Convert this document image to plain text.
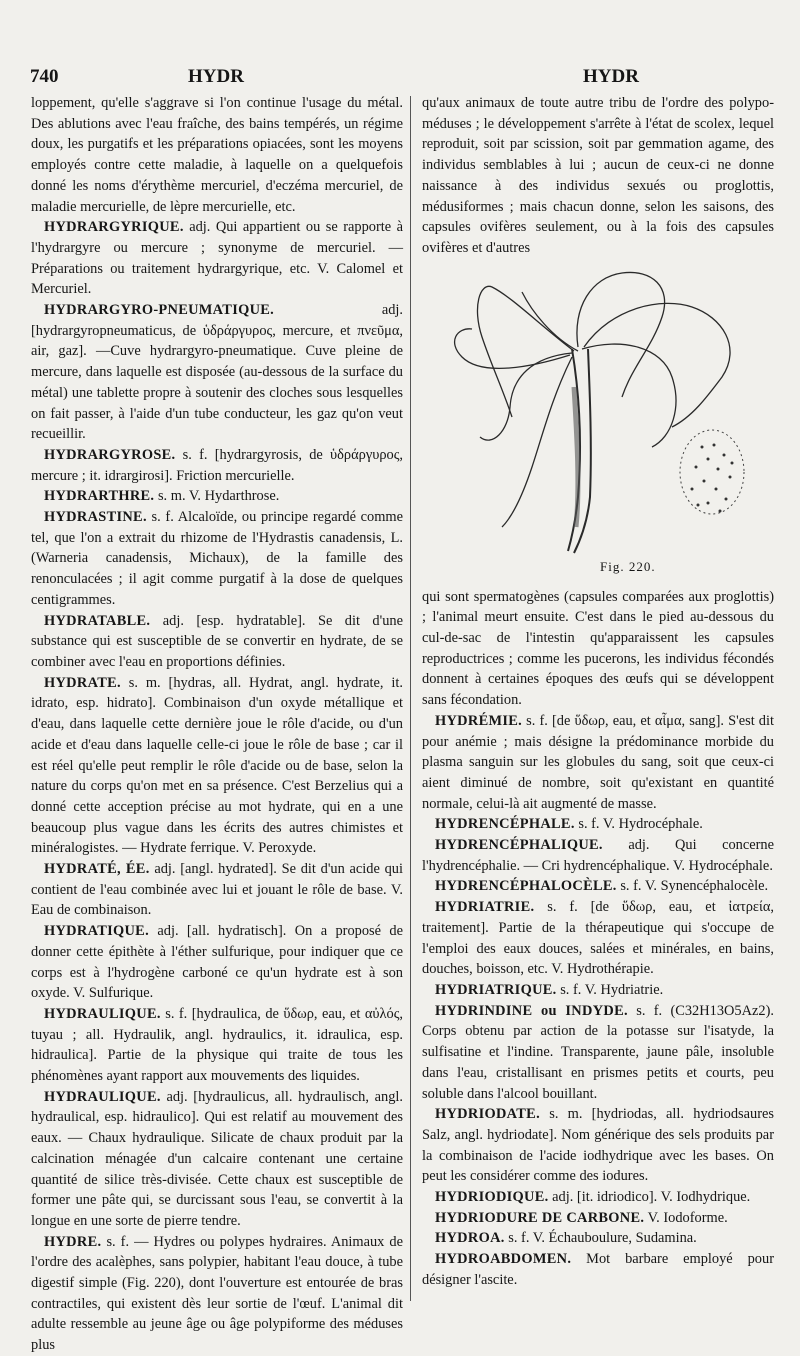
740	HYDR	HYDR

loppement, qu'elle s'aggrave si l'on continue l'usage du métal. Des ablutions avec l'eau fraîche, des bains tempérés, un régime doux, les purgatifs et les préparations opiacées, sont les moyens employés contre cette maladie, à laquelle on a quelquefois donné les noms d'érythème mercuriel, d'eczéma mercuriel, de maladie mercurielle, de lèpre mercurielle, etc.

HYDRARGYRIQUE. adj. Qui appartient ou se rapporte à l'hydrargyre ou mercure ; synonyme de mercuriel. — Préparations ou traitement hydrargyrique, etc. V. Calomel et Mercuriel.

HYDRARGYRO-PNEUMATIQUE.	adj. [hydrargyropneumaticus, de ὑδράργυρος, mercure, et πνεῦμα, air, gaz]. —Cuve hydrargyro-pneumatique. Cuve pleine de mercure, dans laquelle est disposée (au-dessous de la surface du métal) une tablette propre à soutenir des cloches sous lesquelles on fait passer, à l'aide d'un tube conducteur, les gaz qu'on veut recueillir.

HYDRARGYROSE. s. f. [hydrargyrosis, de ὑδράργυρος, mercure ; it. idrargirosi]. Friction mercurielle.

HYDRARTHRE. s. m. V. Hydarthrose.

HYDRASTINE. s. f. Alcaloïde, ou principe regardé comme tel, que l'on a extrait du rhizome de l'Hydrastis canadensis, L. (Warneria canadensis, Michaux), de la famille des renonculacées ; il agit comme purgatif à la dose de quelques centigrammes.

HYDRATABLE. adj. [esp. hydratable]. Se dit d'une substance qui est susceptible de se convertir en hydrate, de se combiner avec l'eau en proportions définies.

HYDRATE. s. m. [hydras, all. Hydrat, angl. hydrate, it. idrato, esp. hidrato]. Combinaison d'un oxyde métallique et d'eau, dans laquelle cette dernière joue le rôle d'acide, ou d'un acide et d'eau dans laquelle celle-ci joue le rôle de base ; car il est réel qu'elle peut remplir le rôle d'acide ou de base, selon la nature du corps qu'on met en sa présence. C'est Berzelius qui a donné cette acception précise au mot hydrate, qui en a une beaucoup plus vague dans les écrits des autres chimistes et minéralogistes. — Hydrate ferrique. V. Peroxyde.

HYDRATÉ, ÉE. adj. [angl. hydrated]. Se dit d'un acide qui contient de l'eau combinée avec lui et jouant le rôle de base. V. Eau de combinaison.

HYDRATIQUE. adj. [all. hydratisch]. On a proposé de donner cette épithète à l'éther sulfurique, pour indiquer que ce corps est à l'hydrogène carboné ce qu'un hydrate est à son oxyde. V. Sulfurique.

HYDRAULIQUE. s. f. [hydraulica, de ὕδωρ, eau, et αὐλός, tuyau ; all. Hydraulik, angl. hydraulics, it. idraulica, esp. hidraulica]. Partie de la physique qui traite de tous les phénomènes ayant rapport aux mouvements des liquides.

HYDRAULIQUE. adj. [hydraulicus, all. hydraulisch, angl. hydraulical, esp. hidraulico]. Qui est relatif au mouvement des eaux. — Chaux hydraulique. Silicate de chaux produit par la calcination ménagée d'un calcaire contenant une certaine quantité de silice très-divisée. Cette chaux est susceptible de former une pâte qui, se durcissant sous l'eau, se convertit à la longue en une sorte de pierre tendre.

HYDRE. s. f. — Hydres ou polypes hydraires. Animaux de l'ordre des acalèphes, sans polypier, habitant l'eau douce, à tube digestif simple (Fig. 220), dont l'ouverture est entourée de bras contractiles, qui existent dès leur sortie de l'œuf. L'animal dit adulte ressemble au jeune âge ou âge polypiforme des méduses plus

qu'aux animaux de toute autre tribu de l'ordre des polypo-méduses ; le développement s'arrête à l'état de scolex, lequel reproduit, soit par scission, soit par gemmation agame, des individus semblables à lui ; aucun de ceux-ci ne donne naissance à des individus sexués ou proglottis, médusiformes ; mais chacun donne, selon les saisons, des capsules ovifères seulement, ou à la fois des capsules ovifères et d'autres

Fig. 220.

qui sont spermatogènes (capsules comparées aux proglottis) ; l'animal meurt ensuite. C'est dans le pied au-dessous du cul-de-sac de l'intestin qu'apparaissent les capsules reproductrices ; comme les pucerons, les individus fécondés donnent à certaines époques des œufs qui se développent sans fécondation.

HYDRÉMIE. s. f. [de ὕδωρ, eau, et αἷμα, sang]. S'est dit pour anémie ; mais désigne la prédominance morbide du plasma sanguin sur les globules du sang, soit que ceux-ci aient diminué de nombre, soit qu'existant en quantité normale, celui-là ait augmenté de masse.

HYDRENCÉPHALE. s. f. V. Hydrocéphale.

HYDRENCÉPHALIQUE. adj. Qui concerne l'hydrencéphalie. — Cri hydrencéphalique. V. Hydrocéphale.

HYDRENCÉPHALOCÈLE. s. f. V. Synencéphalocèle.

HYDRIATRIE. s. f. [de ὕδωρ, eau, et ἰατρεία, traitement]. Partie de la thérapeutique qui s'occupe de l'emploi des eaux douces, salées et minérales, en bains, douches, boisson, etc. V. Hydrothérapie.

HYDRIATRIQUE. s. f. V. Hydriatrie.

HYDRINDINE ou INDYDE. s. f. (C32H13O5Az2). Corps obtenu par action de la potasse sur l'isatyde, la sulfisatine et l'indine. Transparente, jaune pâle, insoluble dans l'eau, cristallisant en prismes petits et courts, peu soluble dans l'alcool bouillant.

HYDRIODATE. s. m. [hydriodas, all. hydriodsaures Salz, angl. hydriodate]. Nom générique des sels produits par la combinaison de l'acide iodhydrique avec les bases. On peut les considérer comme des iodures.

HYDRIODIQUE. adj. [it. idriodico]. V. Iodhydrique.

HYDRIODURE DE CARBONE. V. Iodoforme.

HYDROA. s. f. V. Échauboulure, Sudamina.

HYDROABDOMEN. Mot barbare employé pour désigner l'ascite.
